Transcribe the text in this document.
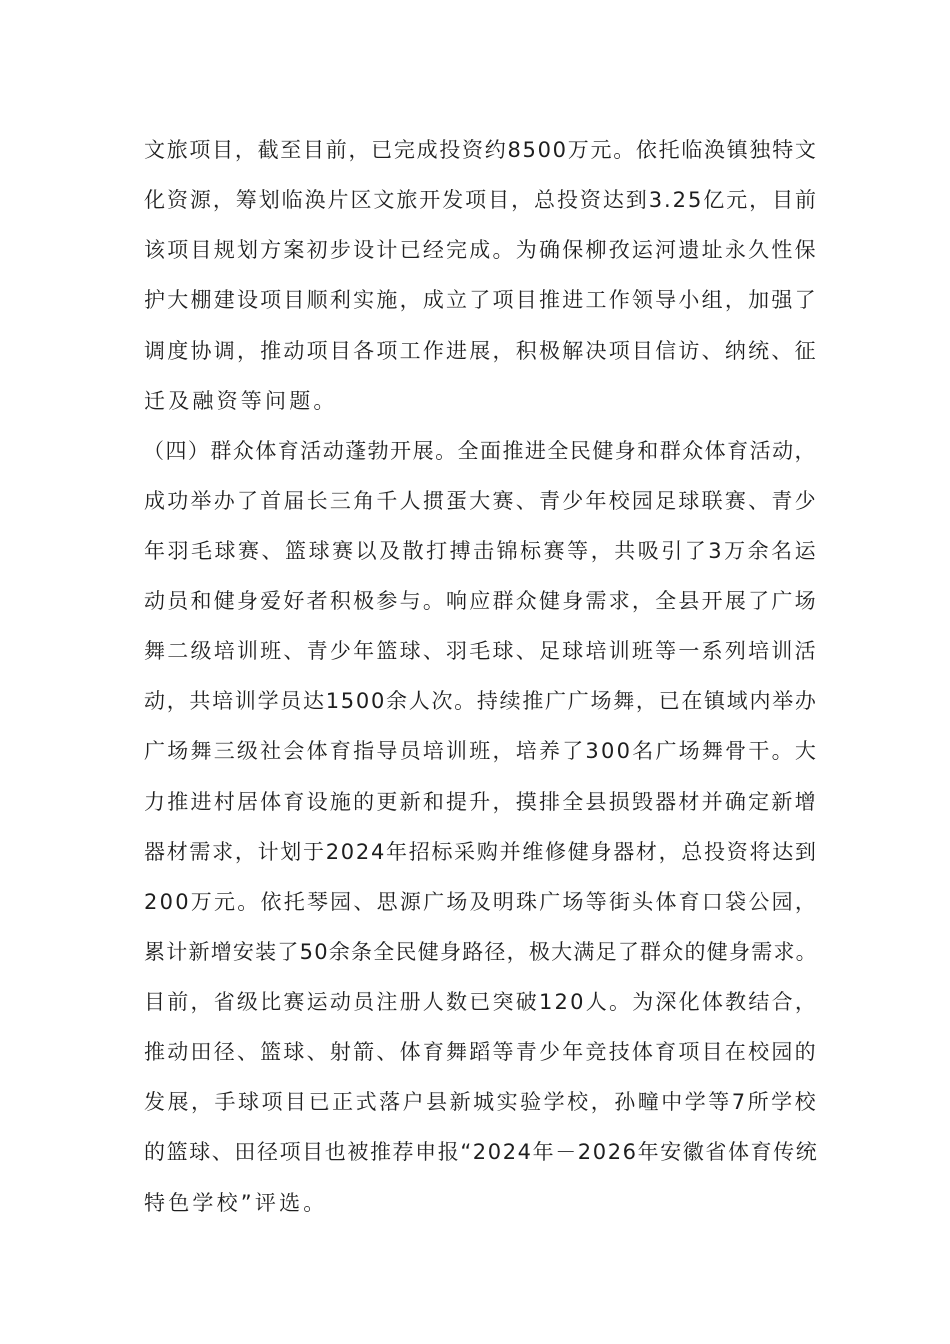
文旅项目，截至目前，已完成投资约8500万元。依托临涣镇独特文
化资源，筹划临涣片区文旅开发项目，总投资达到3.25亿元，目前
该项目规划方案初步设计已经完成。为确保柳孜运河遗址永久性保
护大棚建设项目顺利实施，成立了项目推进工作领导小组，加强了
调度协调，推动项目各项工作进展，积极解决项目信访、纳统、征
迁及融资等问题。
（四）群众体育活动蓬勃开展。全面推进全民健身和群众体育活动，
成功举办了首届长三角千人掼蛋大赛、青少年校园足球联赛、青少
年羽毛球赛、篮球赛以及散打搏击锦标赛等，共吸引了3万余名运
动员和健身爱好者积极参与。响应群众健身需求，全县开展了广场
舞二级培训班、青少年篮球、羽毛球、足球培训班等一系列培训活
动，共培训学员达1500余人次。持续推广广场舞，已在镇域内举办
广场舞三级社会体育指导员培训班，培养了300名广场舞骨干。大
力推进村居体育设施的更新和提升，摸排全县损毁器材并确定新增
器材需求，计划于2024年招标采购并维修健身器材，总投资将达到
200万元。依托琴园、思源广场及明珠广场等街头体育口袋公园，
累计新增安装了50余条全民健身路径，极大满足了群众的健身需求。
目前，省级比赛运动员注册人数已突破120人。为深化体教结合，
推动田径、篮球、射箭、体育舞蹈等青少年竞技体育项目在校园的
发展，手球项目已正式落户县新城实验学校，孙疃中学等7所学校
的篮球、田径项目也被推荐申报“2024年－2026年安徽省体育传统
特色学校”评选。
